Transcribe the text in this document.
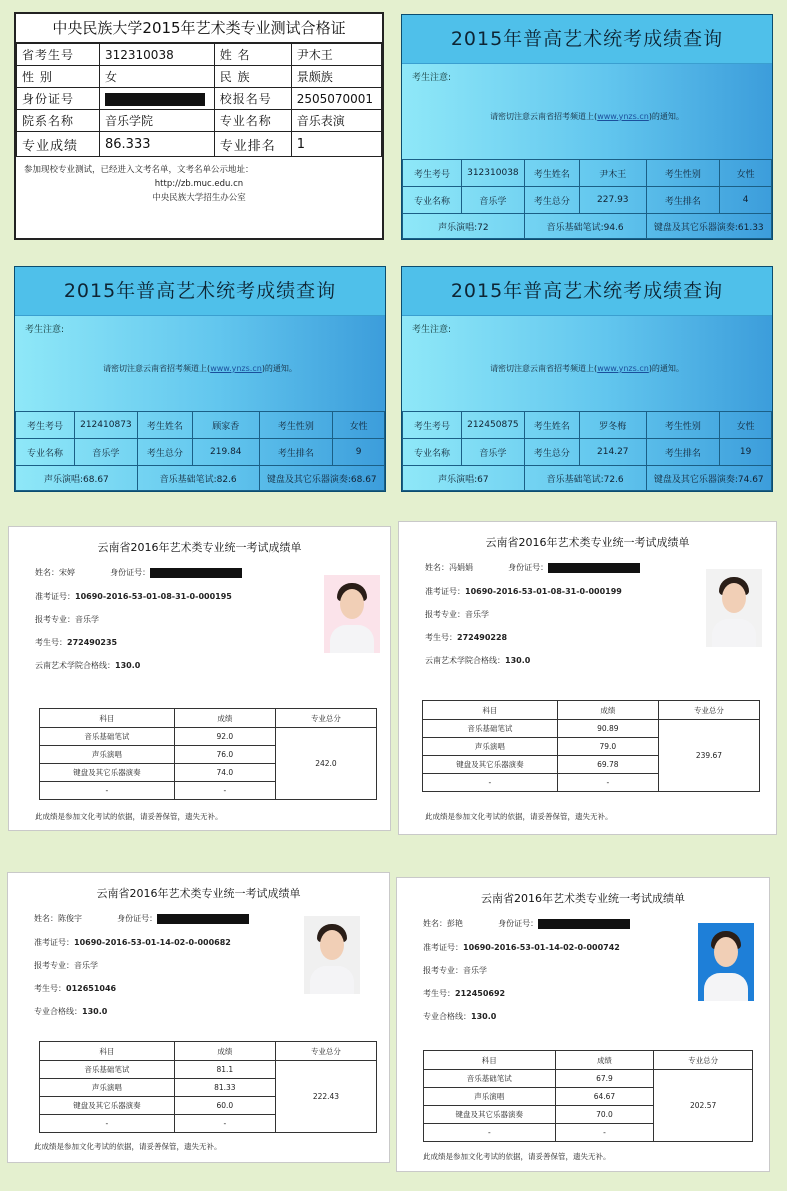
中央民族大学2015年艺术类专业测试合格证
省考生号	312310038	姓 名	尹木王
性 别	女	民 族	景颇族
身份证号		校报名号	2505070001
院系名称	音乐学院	专业名称	音乐表演
专业成绩	86.333	专业排名	1
参加现校专业测试，已经进入文考名单，文考名单公示地址：
http://zb.muc.edu.cn
中央民族大学招生办公室
2015年普高艺术统考成绩查询
考生注意:
请密切注意云南省招考频道上(www.ynzs.cn)的通知。
考生考号	312310038	考生姓名	尹木王	考生性别	女性
专业名称	音乐学	考生总分	227.93	考生排名	4
声乐演唱:72		音乐基础笔试:94.6		键盘及其它乐器演奏:61.33	
2015年普高艺术统考成绩查询
考生注意:
请密切注意云南省招考频道上(www.ynzs.cn)的通知。
考生考号	212410873	考生姓名	顾家香	考生性别	女性
专业名称	音乐学	考生总分	219.84	考生排名	9
声乐演唱:68.67		音乐基础笔试:82.6		键盘及其它乐器演奏:68.67	
2015年普高艺术统考成绩查询
考生注意:
请密切注意云南省招考频道上(www.ynzs.cn)的通知。
考生考号	212450875	考生姓名	罗冬梅	考生性别	女性
专业名称	音乐学	考生总分	214.27	考生排名	19
声乐演唱:67		音乐基础笔试:72.6		键盘及其它乐器演奏:74.67	
云南省2016年艺术类专业统一考试成绩单
姓名：宋婷	身份证号：
准考证号：10690-2016-53-01-08-31-0-000195
报考专业：音乐学
考生号：272490235
云南艺术学院合格线：130.0
科目	成绩	专业总分
音乐基础笔试	92.0	242.0
声乐演唱	76.0	
键盘及其它乐器演奏	74.0	
-	-	
此成绩是参加文化考试的依据，请妥善保管，遗失无补。
云南省2016年艺术类专业统一考试成绩单
姓名：冯娟娟	身份证号：
准考证号：10690-2016-53-01-08-31-0-000199
报考专业：音乐学
考生号：272490228
云南艺术学院合格线：130.0
科目	成绩	专业总分
音乐基础笔试	90.89	239.67
声乐演唱	79.0	
键盘及其它乐器演奏	69.78	
-	-	
此成绩是参加文化考试的依据，请妥善保管，遗失无补。
云南省2016年艺术类专业统一考试成绩单
姓名：陈俊宇	身份证号：
准考证号：10690-2016-53-01-14-02-0-000682
报考专业：音乐学
考生号：012651046
专业合格线：130.0
科目	成绩	专业总分
音乐基础笔试	81.1	222.43
声乐演唱	81.33	
键盘及其它乐器演奏	60.0	
-	-	
此成绩是参加文化考试的依据，请妥善保管，遗失无补。
云南省2016年艺术类专业统一考试成绩单
姓名：彭艳	身份证号：
准考证号：10690-2016-53-01-14-02-0-000742
报考专业：音乐学
考生号：212450692
专业合格线：130.0
科目	成绩	专业总分
音乐基础笔试	67.9	202.57
声乐演唱	64.67	
键盘及其它乐器演奏	70.0	
-	-	
此成绩是参加文化考试的依据，请妥善保管，遗失无补。
